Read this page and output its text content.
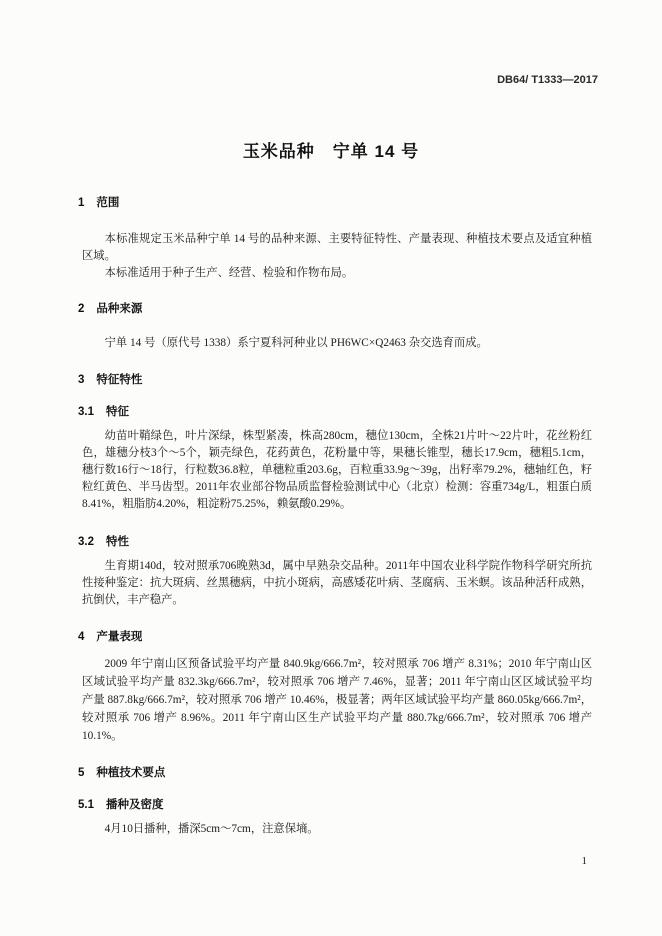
DB64/ T1333—2017
玉米品种　宁单 14 号
1 范围

本标准规定玉米品种宁单 14 号的品种来源、主要特征特性、产量表现、种植技术要点及适宜种植区域。

本标准适用于种子生产、经营、检验和作物布局。

2 品种来源

宁单 14 号（原代号 1338）系宁夏科河种业以 PH6WC×Q2463 杂交选育而成。

3 特征特性
3.1 特征

幼苗叶鞘绿色，叶片深绿，株型紧凑，株高280cm，穗位130cm，全株21片叶～22片叶，花丝粉红色，雄穗分枝3个～5个，颖壳绿色，花药黄色，花粉量中等，果穗长锥型，穗长17.9cm，穗粗5.1cm，穗行数16行～18行，行粒数36.8粒，单穗粒重203.6g，百粒重33.9g～39g，出籽率79.2%，穗轴红色，籽粒红黄色、半马齿型。2011年农业部谷物品质监督检验测试中心（北京）检测：容重734g/L，粗蛋白质8.41%，粗脂肪4.20%，粗淀粉75.25%，赖氨酸0.29%。

3.2 特性

生育期140d，较对照承706晚熟3d，属中早熟杂交品种。2011年中国农业科学院作物科学研究所抗性接种鉴定：抗大斑病、丝黑穗病，中抗小斑病，高感矮花叶病、茎腐病、玉米螟。该品种活秆成熟，抗倒伏，丰产稳产。

4 产量表现

2009 年宁南山区预备试验平均产量 840.9kg/666.7m²，较对照承 706 增产 8.31%；2010 年宁南山区区域试验平均产量 832.3kg/666.7m²，较对照承 706 增产 7.46%，显著；2011 年宁南山区区域试验平均产量 887.8kg/666.7m²，较对照承 706 增产 10.46%，极显著；两年区域试验平均产量 860.05kg/666.7m²，较对照承 706 增产 8.96%。2011 年宁南山区生产试验平均产量 880.7kg/666.7m²，较对照承 706 增产 10.1%。

5 种植技术要点
5.1 播种及密度

4月10日播种，播深5cm～7cm，注意保墒。

1
